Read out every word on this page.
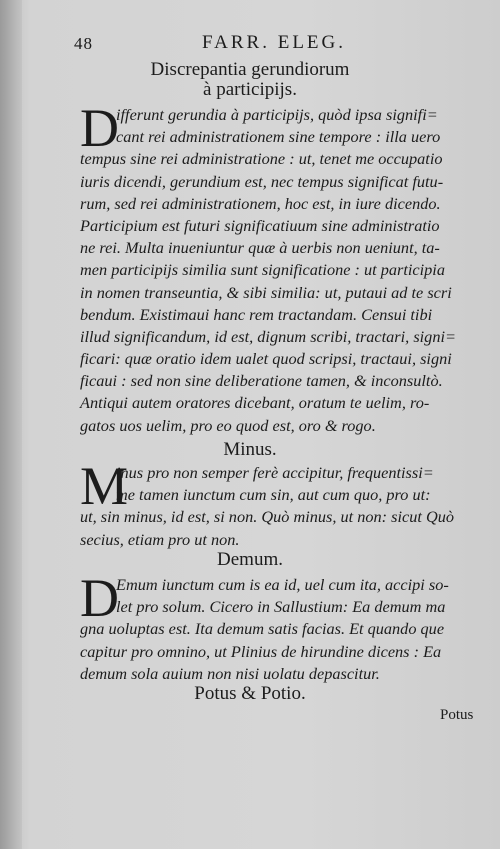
48	FARR. ELEG.
Discrepantia gerundiorum
à participijs.
D
ifferunt gerundia à participijs, quòd ipsa signifi=
cant rei administrationem sine tempore : illa uero
tempus sine rei administratione : ut, tenet me occupatio
iuris dicendi, gerundium est, nec tempus significat futu-
rum, sed rei administrationem, hoc est, in iure dicendo.
Participium est futuri significatiuum sine administratio
ne rei. Multa inueniuntur quæ à uerbis non ueniunt, ta-
men participijs similia sunt significatione : ut participia
in nomen transeuntia, & sibi similia: ut, putaui ad te scri
bendum. Existimaui hanc rem tractandam. Censui tibi
illud significandum, id est, dignum scribi, tractari, signi=
ficari: quæ oratio idem ualet quod scripsi, tractaui, signi
ficaui : sed non sine deliberatione tamen, & inconsultò.
Antiqui autem oratores dicebant, oratum te uelim, ro-
gatos uos uelim, pro eo quod est, oro & rogo.
Minus.
M
inus pro non semper ferè accipitur, frequentissi=
me tamen iunctum cum sin, aut cum quo, pro ut:
ut, sin minus, id est, si non. Quò minus, ut non: sicut Quò
secius, etiam pro ut non.
Demum.
D
Emum iunctum cum is ea id, uel cum ita, accipi so-
let pro solum. Cicero in Sallustium: Ea demum ma
gna uoluptas est. Ita demum satis facias. Et quando que
capitur pro omnino, ut Plinius de hirundine dicens : Ea
demum sola auium non nisi uolatu depascitur.
Potus & Potio.
Potus
